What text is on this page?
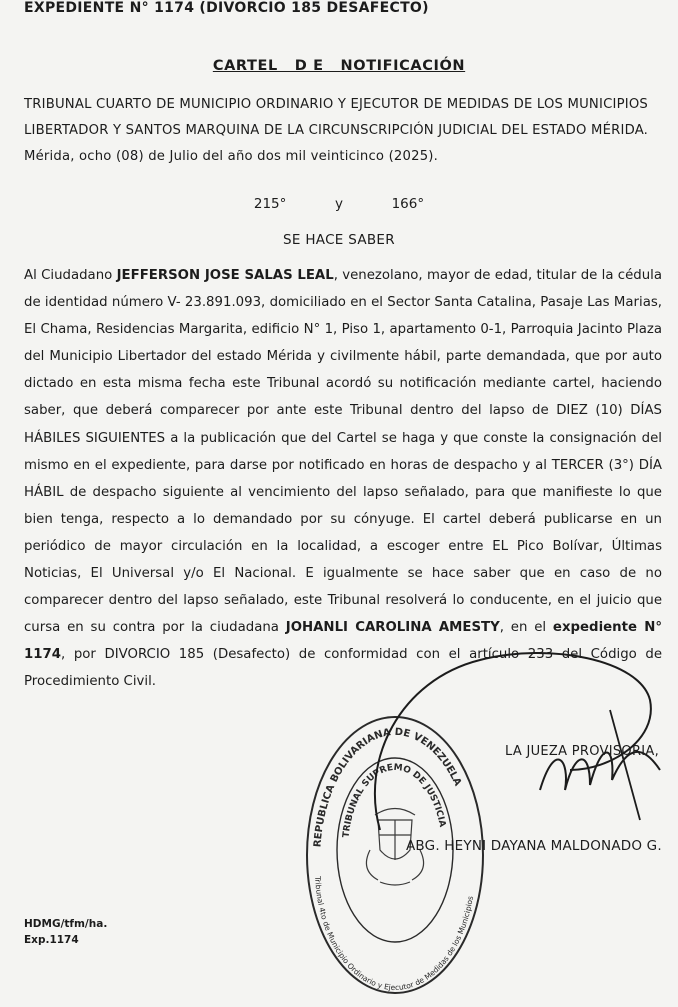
EXPEDIENTE N° 1174 (DIVORCIO 185 DESAFECTO)
CARTEL   D E   NOTIFICACIÓN
TRIBUNAL CUARTO DE MUNICIPIO ORDINARIO Y EJECUTOR DE MEDIDAS DE LOS MUNICIPIOS
LIBERTADOR Y SANTOS MARQUINA DE LA CIRCUNSCRIPCIÓN JUDICIAL DEL ESTADO MÉRIDA.
Mérida, ocho (08) de Julio del año dos mil veinticinco (2025).
215°	y	166°
SE HACE SABER
Al Ciudadano JEFFERSON JOSE SALAS LEAL, venezolano, mayor de edad, titular de la cédula de identidad número V- 23.891.093, domiciliado en el Sector Santa Catalina, Pasaje Las Marias, El Chama, Residencias Margarita, edificio N° 1, Piso 1, apartamento 0-1, Parroquia Jacinto Plaza del Municipio Libertador del estado Mérida y civilmente hábil, parte demandada, que por auto dictado en esta misma fecha este Tribunal acordó su notificación mediante cartel, haciendo saber, que deberá comparecer por ante este Tribunal dentro del lapso de DIEZ (10) DÍAS HÁBILES SIGUIENTES a la publicación que del Cartel se haga y que conste la consignación del mismo en el expediente, para darse por notificado en horas de despacho y al TERCER (3°) DÍA HÁBIL de despacho siguiente al vencimiento del lapso señalado, para que manifieste lo que bien tenga, respecto a lo demandado por su cónyuge. El cartel deberá publicarse en un periódico de mayor circulación en la localidad, a escoger entre EL Pico Bolívar, Últimas Noticias, El Universal y/o El Nacional. E igualmente se hace saber que en caso de no comparecer dentro del lapso señalado, este Tribunal resolverá lo conducente, en el juicio que cursa en su contra por la ciudadana JOHANLI CAROLINA AMESTY, en el expediente N° 1174, por DIVORCIO 185 (Desafecto) de conformidad con el artículo 233 del Código de Procedimiento Civil.
REPUBLICA BOLIVARIANA DE VENEZUELA
TRIBUNAL SUPREMO DE JUSTICIA
Tribunal 4to de Municipio Ordinario y Ejecutor de Medidas de los Municipios
LA JUEZA PROVISORIA,
ABG. HEYNI DAYANA MALDONADO G.
HDMG/tfm/ha.
Exp.1174
